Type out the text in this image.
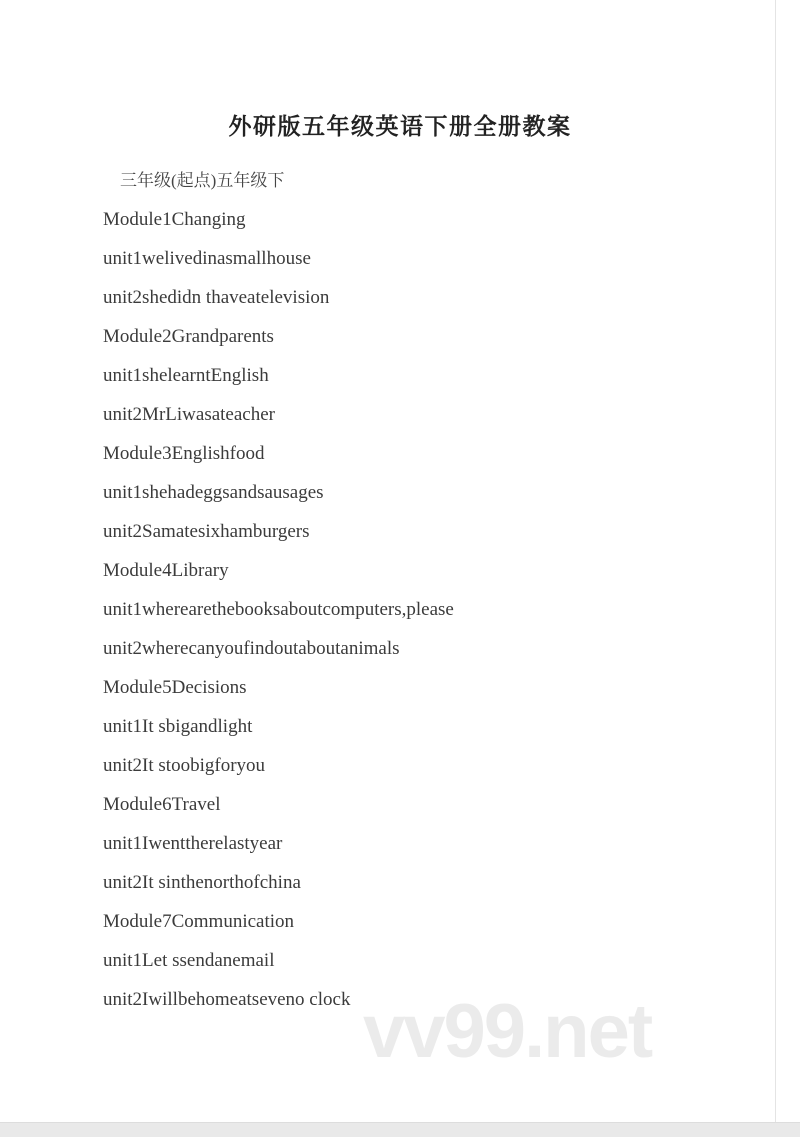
外研版五年级英语下册全册教案
三年级(起点)五年级下
Module1Changing
unit1welivedinasmallhouse
unit2shedidn thaveatelevision
Module2Grandparents
unit1shelearntEnglish
unit2MrLiwasateacher
Module3Englishfood
unit1shehadeggsandsausages
unit2Samatesixhamburgers
Module4Library
unit1wherearethebooksaboutcomputers,please
unit2wherecanyoufindoutaboutanimals
Module5Decisions
unit1It sbigandlight
unit2It stoobigforyou
Module6Travel
unit1Iwenttherelastyear
unit2It sinthenorthofchina
Module7Communication
unit1Let ssendanemail
unit2Iwillbehomeatseveno clock vv99.net
